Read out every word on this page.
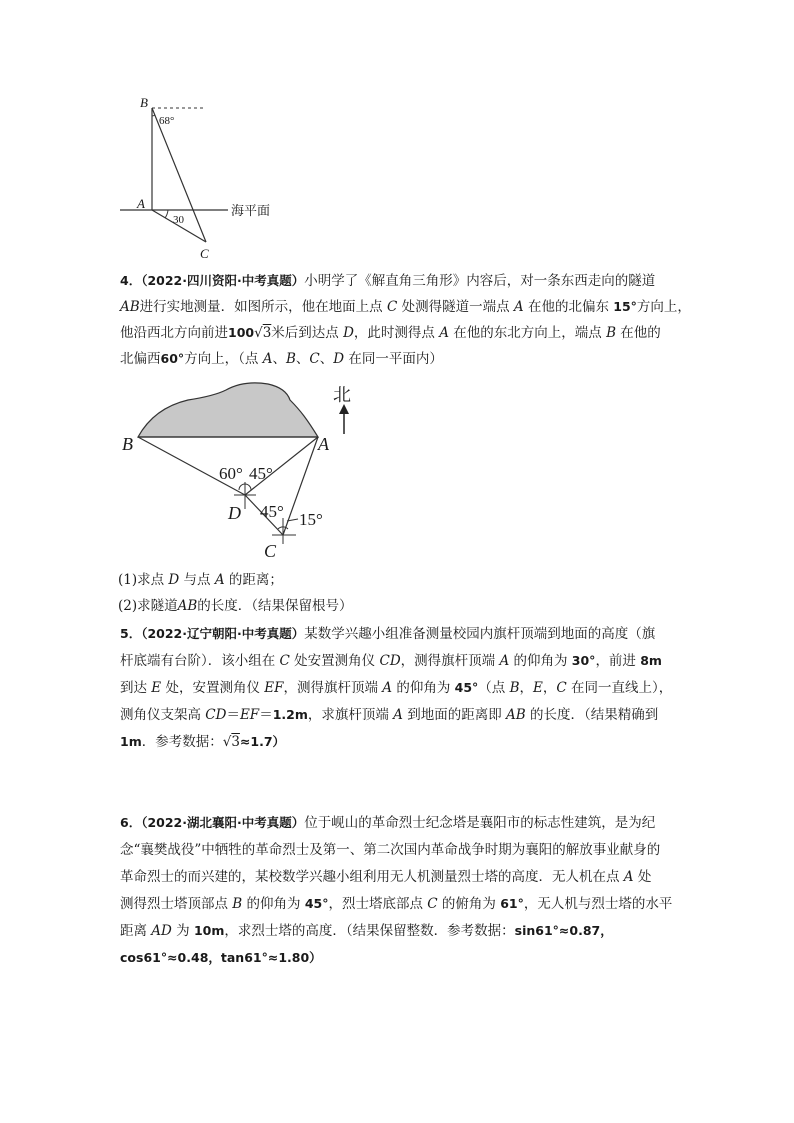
B
A
C
68°
30
海平面
4．（2022·四川资阳·中考真题）小明学了《解直角三角形》内容后，对一条东西走向的隧道
AB进行实地测量．如图所示，他在地面上点 C 处测得隧道一端点 A 在他的北偏东 15°方向上，
他沿西北方向前进100√3米后到达点 D，此时测得点 A 在他的东北方向上，端点 B 在他的
北偏西60°方向上，（点 A、B、C、D 在同一平面内）
北
B	A
D
C
60° 45°
45° 15°
(1)求点 D 与点 A 的距离；
(2)求隧道AB的长度．（结果保留根号）
5．（2022·辽宁朝阳·中考真题）某数学兴趣小组准备测量校园内旗杆顶端到地面的高度（旗
杆底端有台阶）．该小组在 C 处安置测角仪 CD，测得旗杆顶端 A 的仰角为 30°，前进 8m
到达 E 处，安置测角仪 EF，测得旗杆顶端 A 的仰角为 45°（点 B，E，C 在同一直线上），
测角仪支架高 CD＝EF＝1.2m，求旗杆顶端 A 到地面的距离即 AB 的长度．（结果精确到
1m．参考数据：√3≈1.7）
6．（2022·湖北襄阳·中考真题）位于岘山的革命烈士纪念塔是襄阳市的标志性建筑，是为纪
念“襄樊战役”中牺牲的革命烈士及第一、第二次国内革命战争时期为襄阳的解放事业献身的
革命烈士的而兴建的，某校数学兴趣小组利用无人机测量烈士塔的高度．无人机在点 A 处
测得烈士塔顶部点 B 的仰角为 45°，烈士塔底部点 C 的俯角为 61°，无人机与烈士塔的水平
距离 AD 为 10m，求烈士塔的高度．（结果保留整数．参考数据：sin61°≈0.87，
cos61°≈0.48，tan61°≈1.80）
